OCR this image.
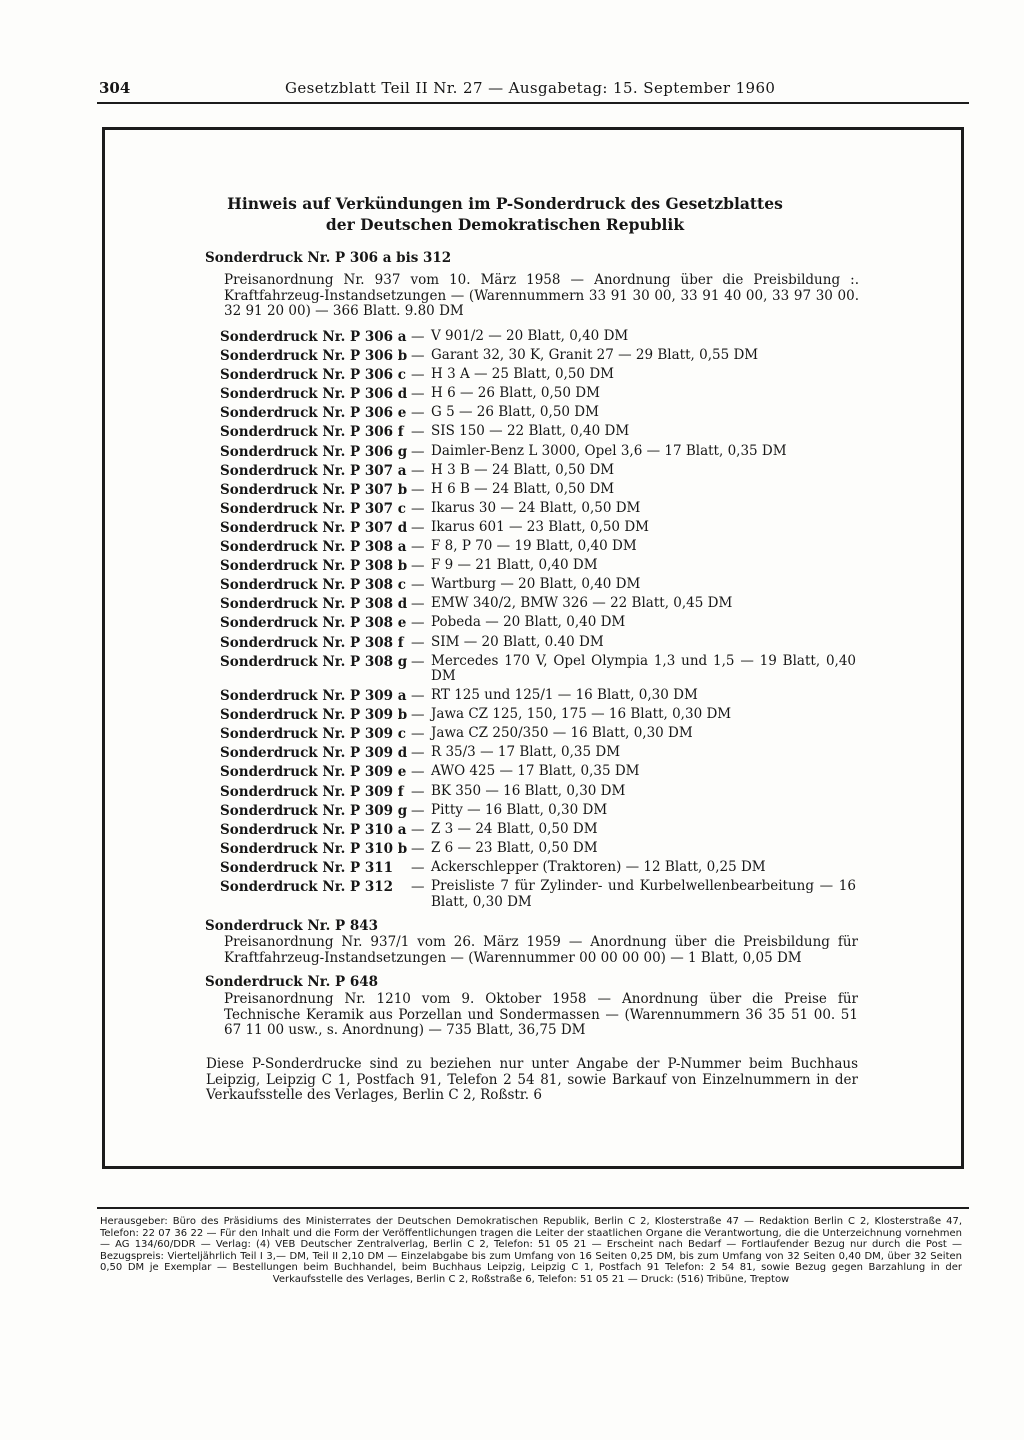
304	Gesetzblatt Teil II Nr. 27 — Ausgabetag: 15. September 1960
Hinweis auf Verkündungen im P-Sonderdruck des Gesetzblattes
der Deutschen Demokratischen Republik
Sonderdruck Nr. P 306 a bis 312
Preisanordnung Nr. 937 vom 10. März 1958 — Anordnung über die Preisbildung :. Kraftfahrzeug-Instandsetzungen — (Warennummern 33 91 30 00, 33 91 40 00, 33 97 30 00. 32 91 20 00) — 366 Blatt. 9.80 DM
Sonderdruck Nr. P 306 a — V 901/2 — 20 Blatt, 0,40 DM
Sonderdruck Nr. P 306 b — Garant 32, 30 K, Granit 27 — 29 Blatt, 0,55 DM
Sonderdruck Nr. P 306 c — H 3 A — 25 Blatt, 0,50 DM
Sonderdruck Nr. P 306 d — H 6 — 26 Blatt, 0,50 DM
Sonderdruck Nr. P 306 e — G 5 — 26 Blatt, 0,50 DM
Sonderdruck Nr. P 306 f — SIS 150 — 22 Blatt, 0,40 DM
Sonderdruck Nr. P 306 g — Daimler-Benz L 3000, Opel 3,6 — 17 Blatt, 0,35 DM
Sonderdruck Nr. P 307 a — H 3 B — 24 Blatt, 0,50 DM
Sonderdruck Nr. P 307 b — H 6 B — 24 Blatt, 0,50 DM
Sonderdruck Nr. P 307 c — Ikarus 30 — 24 Blatt, 0,50 DM
Sonderdruck Nr. P 307 d — Ikarus 601 — 23 Blatt, 0,50 DM
Sonderdruck Nr. P 308 a — F 8, P 70 — 19 Blatt, 0,40 DM
Sonderdruck Nr. P 308 b — F 9 — 21 Blatt, 0,40 DM
Sonderdruck Nr. P 308 c — Wartburg — 20 Blatt, 0,40 DM
Sonderdruck Nr. P 308 d — EMW 340/2, BMW 326 — 22 Blatt, 0,45 DM
Sonderdruck Nr. P 308 e — Pobeda — 20 Blatt, 0,40 DM
Sonderdruck Nr. P 308 f — SIM — 20 Blatt, 0.40 DM
Sonderdruck Nr. P 308 g — Mercedes 170 V, Opel Olympia 1,3 und 1,5 — 19 Blatt, 0,40 DM
Sonderdruck Nr. P 309 a — RT 125 und 125/1 — 16 Blatt, 0,30 DM
Sonderdruck Nr. P 309 b — Jawa CZ 125, 150, 175 — 16 Blatt, 0,30 DM
Sonderdruck Nr. P 309 c — Jawa CZ 250/350 — 16 Blatt, 0,30 DM
Sonderdruck Nr. P 309 d — R 35/3 — 17 Blatt, 0,35 DM
Sonderdruck Nr. P 309 e — AWO 425 — 17 Blatt, 0,35 DM
Sonderdruck Nr. P 309 f — BK 350 — 16 Blatt, 0,30 DM
Sonderdruck Nr. P 309 g — Pitty — 16 Blatt, 0,30 DM
Sonderdruck Nr. P 310 a — Z 3 — 24 Blatt, 0,50 DM
Sonderdruck Nr. P 310 b — Z 6 — 23 Blatt, 0,50 DM
Sonderdruck Nr. P 311	— Ackerschlepper (Traktoren) — 12 Blatt, 0,25 DM
Sonderdruck Nr. P 312	— Preisliste 7 für Zylinder- und Kurbelwellenbearbeitung — 16 Blatt, 0,30 DM
Sonderdruck Nr. P 843
Preisanordnung Nr. 937/1 vom 26. März 1959 — Anordnung über die Preisbildung für Kraftfahrzeug-Instandsetzungen — (Warennummer 00 00 00 00) — 1 Blatt, 0,05 DM
Sonderdruck Nr. P 648
Preisanordnung Nr. 1210 vom 9. Oktober 1958 — Anordnung über die Preise für Technische Keramik aus Porzellan und Sondermassen — (Warennummern 36 35 51 00. 51 67 11 00 usw., s. Anordnung) — 735 Blatt, 36,75 DM
Diese P-Sonderdrucke sind zu beziehen nur unter Angabe der P-Nummer beim Buchhaus Leipzig, Leipzig C 1, Postfach 91, Telefon 2 54 81, sowie Barkauf von Einzelnummern in der Verkaufsstelle des Verlages, Berlin C 2, Roßstr. 6
Herausgeber: Büro des Präsidiums des Ministerrates der Deutschen Demokratischen Republik, Berlin C 2, Klosterstraße 47 — Redaktion Berlin C 2, Klosterstraße 47, Telefon: 22 07 36 22 — Für den Inhalt und die Form der Veröffentlichungen tragen die Leiter der staatlichen Organe die Verantwortung, die die Unterzeichnung vornehmen — AG 134/60/DDR — Verlag: (4) VEB Deutscher Zentralverlag, Berlin C 2, Telefon: 51 05 21 — Erscheint nach Bedarf — Fortlaufender Bezug nur durch die Post — Bezugspreis: Vierteljährlich Teil I 3,— DM, Teil II 2,10 DM — Einzelabgabe bis zum Umfang von 16 Seiten 0,25 DM, bis zum Umfang von 32 Seiten 0,40 DM, über 32 Seiten 0,50 DM je Exemplar — Bestellungen beim Buchhandel, beim Buchhaus Leipzig, Leipzig C 1, Postfach 91 Telefon: 2 54 81, sowie Bezug gegen Barzahlung in der Verkaufsstelle des Verlages, Berlin C 2, Roßstraße 6, Telefon: 51 05 21 — Druck: (516) Tribüne, Treptow
